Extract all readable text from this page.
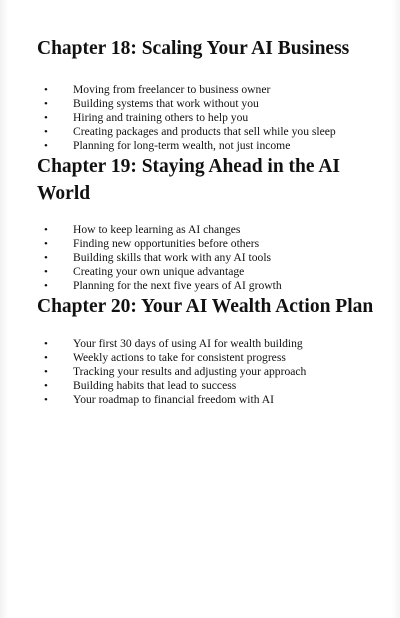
Chapter 18: Scaling Your AI Business
• Moving from freelancer to business owner
• Building systems that work without you
• Hiring and training others to help you
• Creating packages and products that sell while you sleep
• Planning for long-term wealth, not just income
Chapter 19: Staying Ahead in the AI World
• How to keep learning as AI changes
• Finding new opportunities before others
• Building skills that work with any AI tools
• Creating your own unique advantage
• Planning for the next five years of AI growth
Chapter 20: Your AI Wealth Action Plan
• Your first 30 days of using AI for wealth building
• Weekly actions to take for consistent progress
• Tracking your results and adjusting your approach
• Building habits that lead to success
• Your roadmap to financial freedom with AI
